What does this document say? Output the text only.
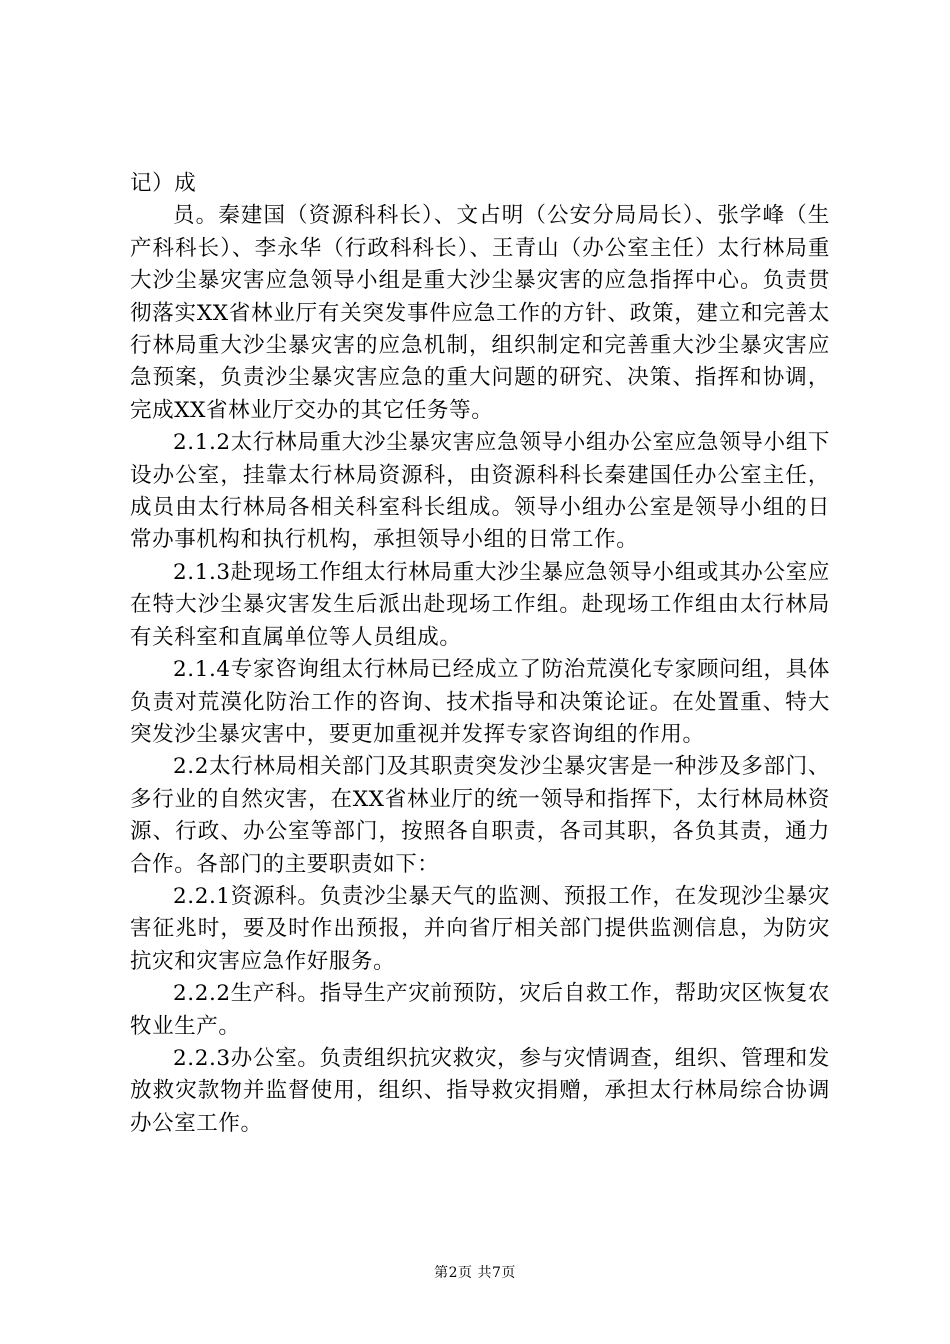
记）成

员。秦建国（资源科科长）、文占明（公安分局局长）、张学峰（生产科科长）、李永华（行政科科长）、王青山（办公室主任）太行林局重大沙尘暴灾害应急领导小组是重大沙尘暴灾害的应急指挥中心。负责贯彻落实XX省林业厅有关突发事件应急工作的方针、政策，建立和完善太行林局重大沙尘暴灾害的应急机制，组织制定和完善重大沙尘暴灾害应急预案，负责沙尘暴灾害应急的重大问题的研究、决策、指挥和协调，完成XX省林业厅交办的其它任务等。

2.1.2太行林局重大沙尘暴灾害应急领导小组办公室应急领导小组下设办公室，挂靠太行林局资源科，由资源科科长秦建国任办公室主任，成员由太行林局各相关科室科长组成。领导小组办公室是领导小组的日常办事机构和执行机构，承担领导小组的日常工作。

2.1.3赴现场工作组太行林局重大沙尘暴应急领导小组或其办公室应在特大沙尘暴灾害发生后派出赴现场工作组。赴现场工作组由太行林局有关科室和直属单位等人员组成。

2.1.4专家咨询组太行林局已经成立了防治荒漠化专家顾问组，具体负责对荒漠化防治工作的咨询、技术指导和决策论证。在处置重、特大突发沙尘暴灾害中，要更加重视并发挥专家咨询组的作用。

2.2太行林局相关部门及其职责突发沙尘暴灾害是一种涉及多部门、多行业的自然灾害，在XX省林业厅的统一领导和指挥下，太行林局林资源、行政、办公室等部门，按照各自职责，各司其职，各负其责，通力合作。各部门的主要职责如下：

2.2.1资源科。负责沙尘暴天气的监测、预报工作，在发现沙尘暴灾害征兆时，要及时作出预报，并向省厅相关部门提供监测信息，为防灾抗灾和灾害应急作好服务。

2.2.2生产科。指导生产灾前预防，灾后自救工作，帮助灾区恢复农牧业生产。

2.2.3办公室。负责组织抗灾救灾，参与灾情调查，组织、管理和发放救灾款物并监督使用，组织、指导救灾捐赠，承担太行林局综合协调办公室工作。

第2页 共7页
